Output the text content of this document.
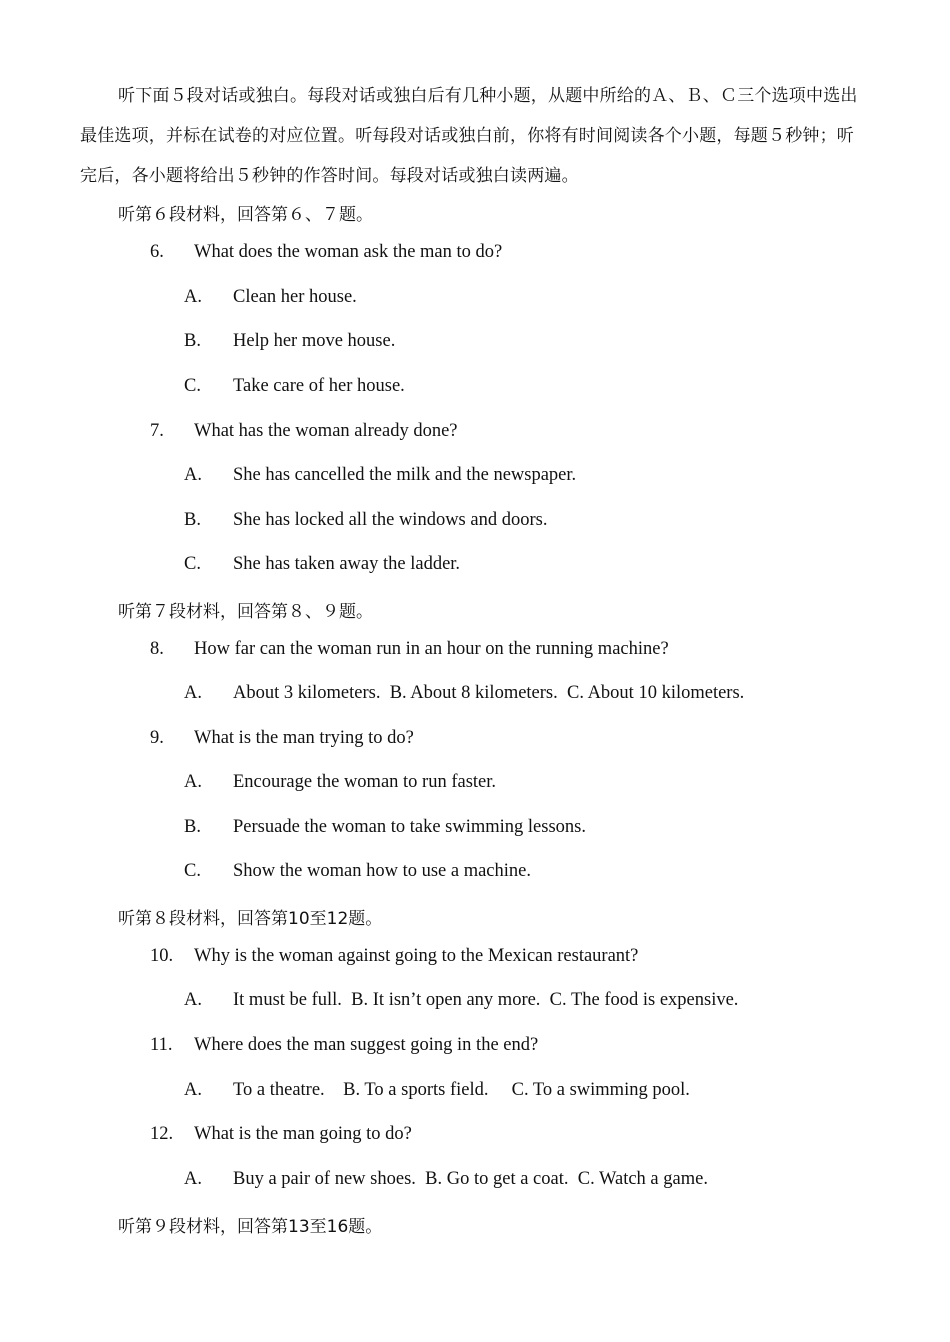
听下面５段对话或独白。每段对话或独白后有几种小题，从题中所给的Ａ、Ｂ、Ｃ三个选项中选出最佳选项，并标在试卷的对应位置。听每段对话或独白前，你将有时间阅读各个小题，每题５秒钟；听完后，各小题将给出５秒钟的作答时间。每段对话或独白读两遍。
听第６段材料，回答第６、７题。
6. What does the woman ask the man to do?
A. Clean her house.
B. Help her move house.
C. Take care of her house.
7. What has the woman already done?
A. She has cancelled the milk and the newspaper.
B. She has locked all the windows and doors.
C. She has taken away the ladder.
听第７段材料，回答第８、９题。
8. How far can the woman run in an hour on the running machine?
A. About 3 kilometers.  B. About 8 kilometers.  C. About 10 kilometers.
9. What is the man trying to do?
A. Encourage the woman to run faster.
B. Persuade the woman to take swimming lessons.
C. Show the woman how to use a machine.
听第８段材料，回答第10至12题。
10. Why is the woman against going to the Mexican restaurant?
A. It must be full.  B. It isn’t open any more.  C. The food is expensive.
11. Where does the man suggest going in the end?
A. To a theatre.    B. To a sports field.     C. To a swimming pool.
12. What is the man going to do?
A. Buy a pair of new shoes.  B. Go to get a coat.  C. Watch a game.
听第９段材料，回答第13至16题。
